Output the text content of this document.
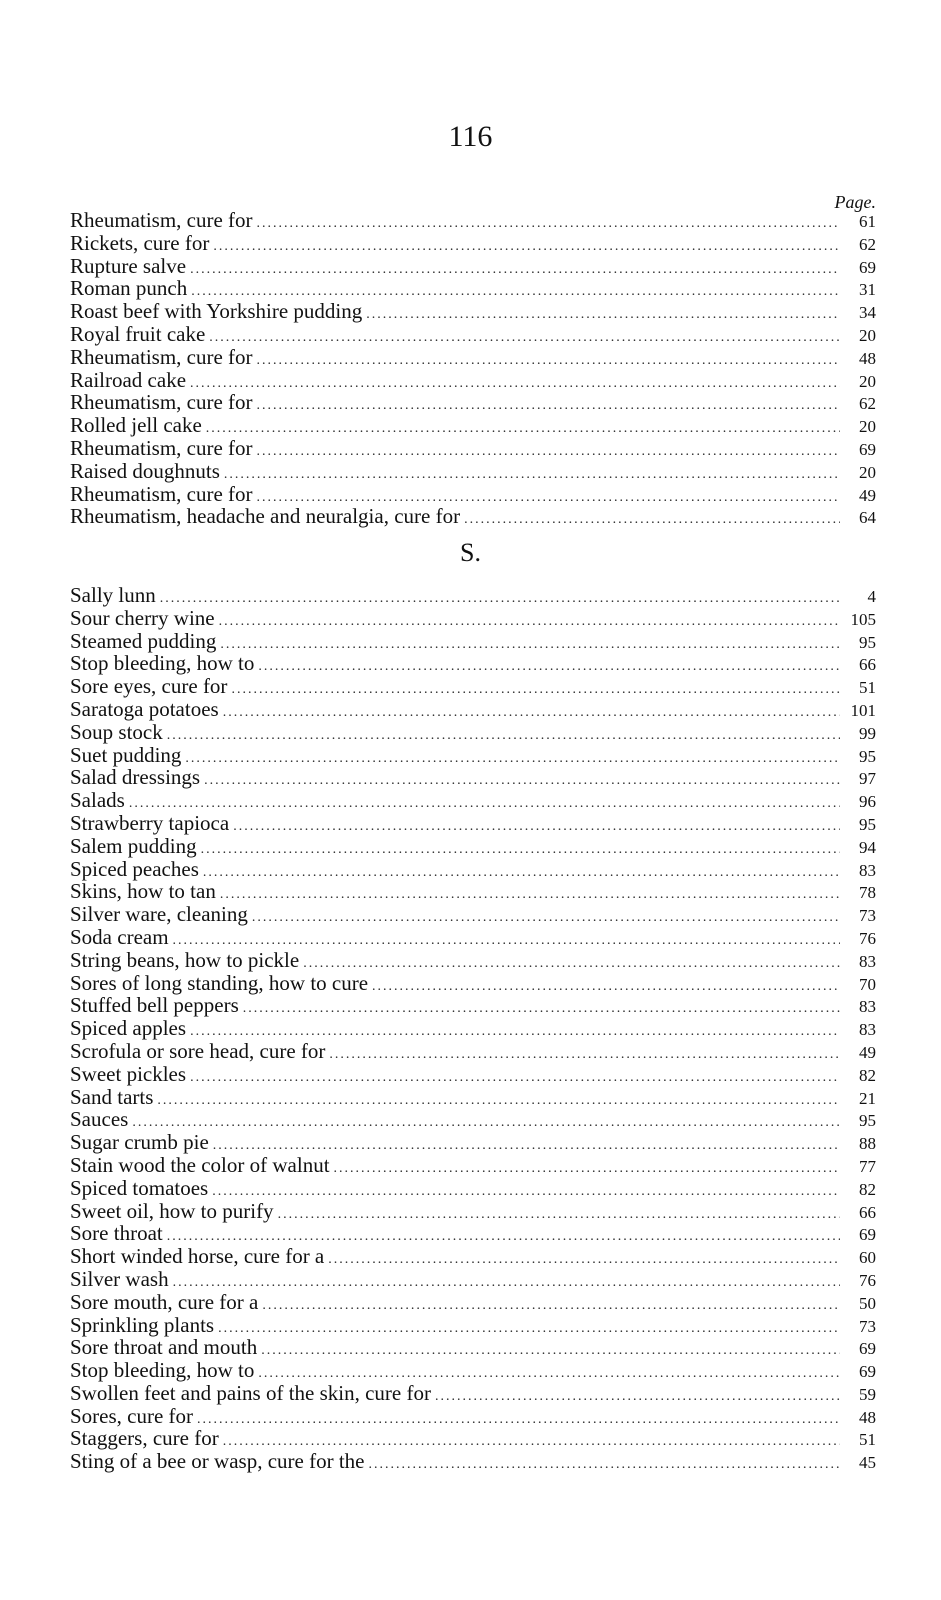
116
Page.
Rheumatism, cure for .....	61
Rickets, cure for .....	62
Rupture salve .....	69
Roman punch .....	31
Roast beef with Yorkshire pudding .....	34
Royal fruit cake .....	20
Rheumatism, cure for .....	48
Railroad cake .....	20
Rheumatism, cure for .....	62
Rolled jell cake .....	20
Rheumatism, cure for .....	69
Raised doughnuts .....	20
Rheumatism, cure for .....	49
Rheumatism, headache and neuralgia, cure for .....	64
S.
Sally lunn .....	4
Sour cherry wine .....	105
Steamed pudding .....	95
Stop bleeding, how to .....	66
Sore eyes, cure for .....	51
Saratoga potatoes .....	101
Soup stock .....	99
Suet pudding .....	95
Salad dressings .....	97
Salads .....	96
Strawberry tapioca .....	95
Salem pudding .....	94
Spiced peaches .....	83
Skins, how to tan .....	78
Silver ware, cleaning .....	73
Soda cream .....	76
String beans, how to pickle .....	83
Sores of long standing, how to cure .....	70
Stuffed bell peppers .....	83
Spiced apples .....	83
Scrofula or sore head, cure for .....	49
Sweet pickles .....	82
Sand tarts .....	21
Sauces .....	95
Sugar crumb pie .....	88
Stain wood the color of walnut .....	77
Spiced tomatoes .....	82
Sweet oil, how to purify .....	66
Sore throat .....	69
Short winded horse, cure for a .....	60
Silver wash .....	76
Sore mouth, cure for a .....	50
Sprinkling plants .....	73
Sore throat and mouth .....	69
Stop bleeding, how to .....	69
Swollen feet and pains of the skin, cure for .....	59
Sores, cure for .....	48
Staggers, cure for .....	51
Sting of a bee or wasp, cure for the .....	45
